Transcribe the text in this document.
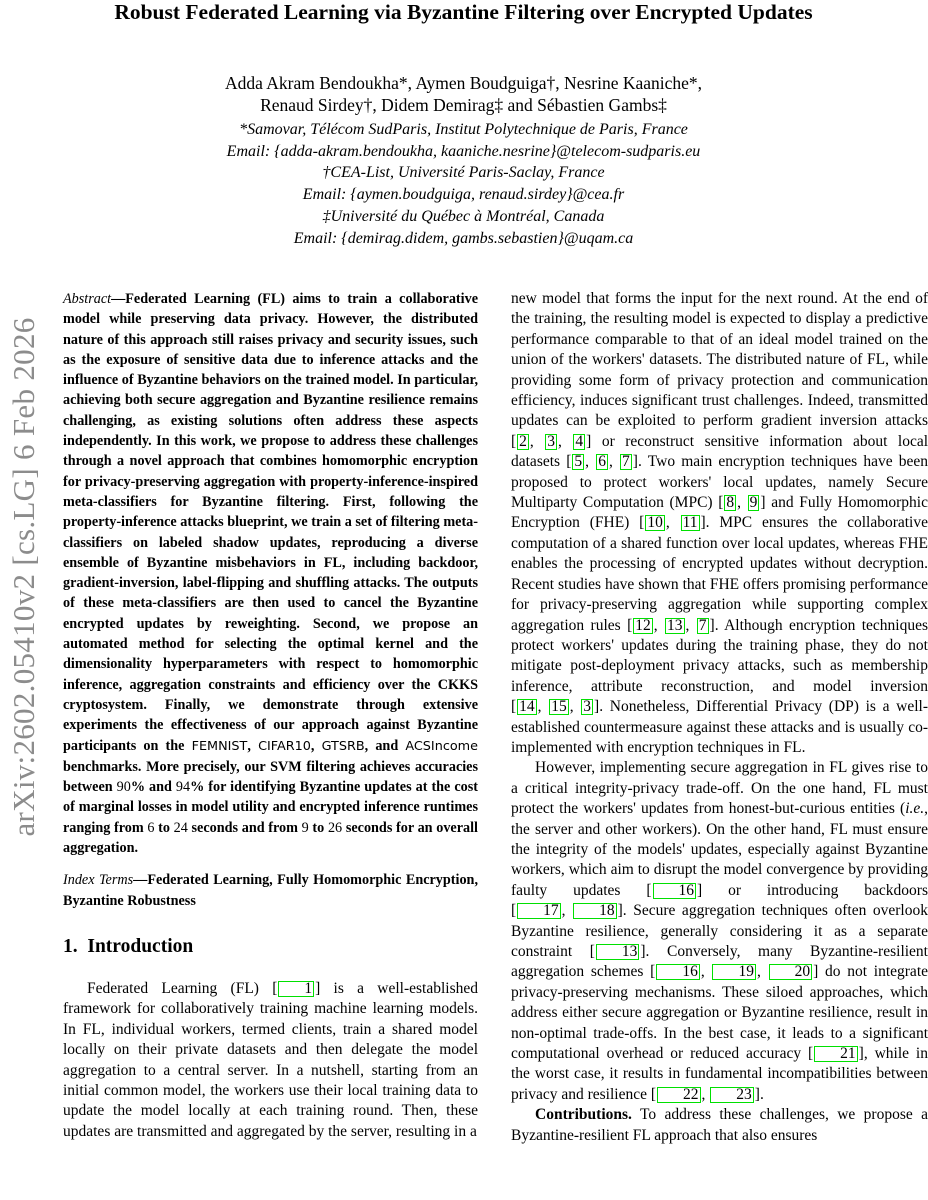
Robust Federated Learning via Byzantine Filtering over Encrypted Updates
Adda Akram Bendoukha*, Aymen Boudguiga†, Nesrine Kaaniche*,
Renaud Sirdey†, Didem Demirag‡ and Sébastien Gambs‡
*Samovar, Télécom SudParis, Institut Polytechnique de Paris, France
Email: {adda-akram.bendoukha, kaaniche.nesrine}@telecom-sudparis.eu
†CEA-List, Université Paris-Saclay, France
Email: {aymen.boudguiga, renaud.sirdey}@cea.fr
‡Université du Québec à Montréal, Canada
Email: {demirag.didem, gambs.sebastien}@uqam.ca
arXiv:2602.05410v2 [cs.LG] 6 Feb 2026

Abstract—Federated Learning (FL) aims to train a collaborative model while preserving data privacy. However, the distributed nature of this approach still raises privacy and security issues, such as the exposure of sensitive data due to inference attacks and the influence of Byzantine behaviors on the trained model. In particular, achieving both secure aggregation and Byzantine resilience remains challenging, as existing solutions often address these aspects independently. In this work, we propose to address these challenges through a novel approach that combines homomorphic encryption for privacy-preserving aggregation with property-inference-inspired meta-classifiers for Byzantine filtering. First, following the property-inference attacks blueprint, we train a set of filtering meta-classifiers on labeled shadow updates, reproducing a diverse ensemble of Byzantine misbehaviors in FL, including backdoor, gradient-inversion, label-flipping and shuffling attacks. The outputs of these meta-classifiers are then used to cancel the Byzantine encrypted updates by reweighting. Second, we propose an automated method for selecting the optimal kernel and the dimensionality hyperparameters with respect to homomorphic inference, aggregation constraints and efficiency over the CKKS cryptosystem. Finally, we demonstrate through extensive experiments the effectiveness of our approach against Byzantine participants on the FEMNIST, CIFAR10, GTSRB, and ACSIncome benchmarks. More precisely, our SVM filtering achieves accuracies between 90% and 94% for identifying Byzantine updates at the cost of marginal losses in model utility and encrypted inference runtimes ranging from 6 to 24 seconds and from 9 to 26 seconds for an overall aggregation.

Index Terms—Federated Learning, Fully Homomorphic Encryption, Byzantine Robustness

1. Introduction

Federated Learning (FL) [ 1 ] is a well-established framework for collaboratively training machine learning models. In FL, individual workers, termed clients, train a shared model locally on their private datasets and then delegate the model aggregation to a central server. In a nutshell, starting from an initial common model, the workers use their local training data to update the model locally at each training round. Then, these updates are transmitted and aggregated by the server, resulting in a

new model that forms the input for the next round. At the end of the training, the resulting model is expected to display a predictive performance comparable to that of an ideal model trained on the union of the workers' datasets. The distributed nature of FL, while providing some form of privacy protection and communication efficiency, induces significant trust challenges. Indeed, transmitted updates can be exploited to perform gradient inversion attacks [ 2 , 3 , 4 ] or reconstruct sensitive information about local datasets [ 5 , 6 , 7 ]. Two main encryption techniques have been proposed to protect workers' local updates, namely Secure Multiparty Computation (MPC) [ 8 , 9 ] and Fully Homomorphic Encryption (FHE) [ 10 , 11 ]. MPC ensures the collaborative computation of a shared function over local updates, whereas FHE enables the processing of encrypted updates without decryption. Recent studies have shown that FHE offers promising performance for privacy-preserving aggregation while supporting complex aggregation rules [ 12 , 13 , 7 ]. Although encryption techniques protect workers' updates during the training phase, they do not mitigate post-deployment privacy attacks, such as membership inference, attribute reconstruction, and model inversion [ 14 , 15 , 3 ]. Nonetheless, Differential Privacy (DP) is a well-established countermeasure against these attacks and is usually co-implemented with encryption techniques in FL.

However, implementing secure aggregation in FL gives rise to a critical integrity-privacy trade-off. On the one hand, FL must protect the workers' updates from honest-but-curious entities (i.e., the server and other workers). On the other hand, FL must ensure the integrity of the models' updates, especially against Byzantine workers, which aim to disrupt the model convergence by providing faulty updates [ 16 ] or introducing backdoors [ 17 , 18 ]. Secure aggregation techniques often overlook Byzantine resilience, generally considering it as a separate constraint [ 13 ]. Conversely, many Byzantine-resilient aggregation schemes [ 16 , 19 , 20 ] do not integrate privacy-preserving mechanisms. These siloed approaches, which address either secure aggregation or Byzantine resilience, result in non-optimal trade-offs. In the best case, it leads to a significant computational overhead or reduced accuracy [ 21 ], while in the worst case, it results in fundamental incompatibilities between privacy and resilience [ 22 , 23 ].

Contributions. To address these challenges, we propose a Byzantine-resilient FL approach that also ensures
